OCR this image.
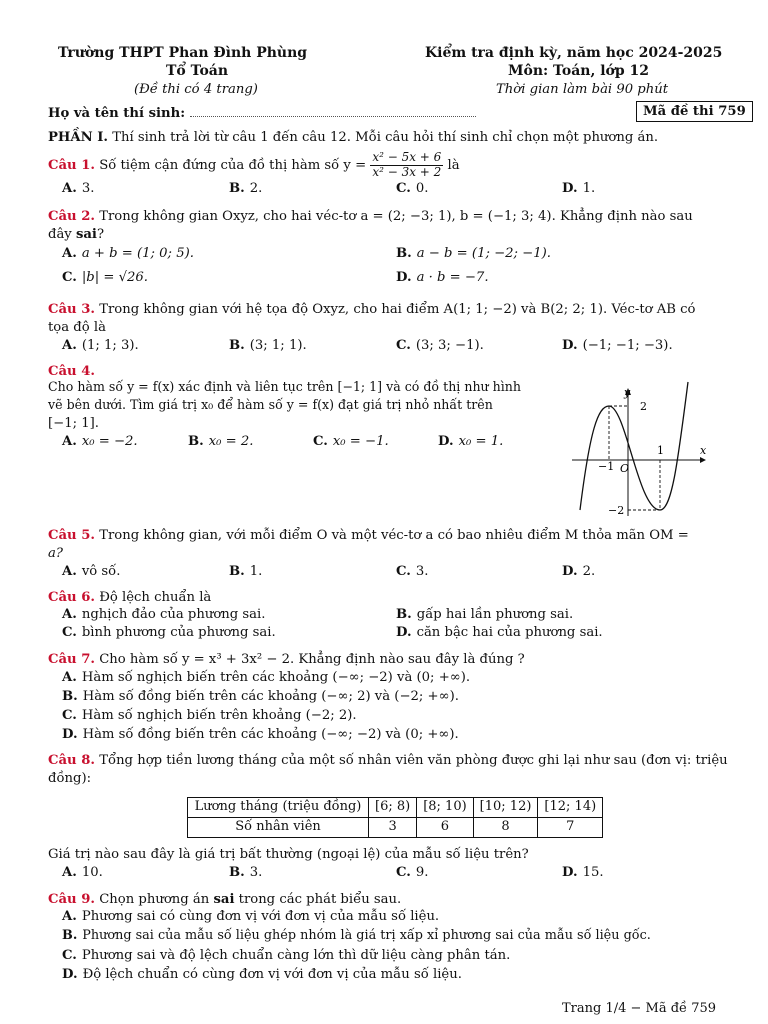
Trường THPT Phan Đình Phùng
Tổ Toán
(Đề thi có 4 trang)
Kiểm tra định kỳ, năm học 2024-2025
Môn: Toán, lớp 12
Thời gian làm bài 90 phút
Họ và tên thí sinh:	Mã đề thi 759
PHẦN I. Thí sinh trả lời từ câu 1 đến câu 12. Mỗi câu hỏi thí sinh chỉ chọn một phương án.
Câu 1. Số tiệm cận đứng của đồ thị hàm số $y = \frac{\text{x² − 5x + 6}}{\text{x² − 3x + 2}}$ là
A. 3.	B. 2.	C. 0.	D. 1.
Câu 2. Trong không gian Oxyz, cho hai véc-tơ a = (2; −3; 1), b = (−1; 3; 4). Khẳng định nào sau
đây sai?
A. a + b = (1; 0; 5).	B. a − b = (1; −2; −1).
C. |b| = √26.	D. a · b = −7.
Câu 3. Trong không gian với hệ tọa độ Oxyz, cho hai điểm A(1; 1; −2) và B(2; 2; 1). Véc-tơ AB có
tọa độ là
A. (1; 1; 3).	B. (3; 1; 1).	C. (3; 3; −1).	D. (−1; −1; −3).
Câu 4.
Cho hàm số y = f(x) xác định và liên tục trên [−1; 1] và có đồ thị như hình
vẽ bên dưới. Tìm giá trị x₀ để hàm số y = f(x) đạt giá trị nhỏ nhất trên
[−1; 1].
A. x₀ = −2.	B. x₀ = 2.	C. x₀ = −1.	D. x₀ = 1.
y
x
O
2
−2
1
−1
Câu 5. Trong không gian, với mỗi điểm O và một véc-tơ a có bao nhiêu điểm M thỏa mãn OM =
a?
A. vô số.	B. 1.	C. 3.	D. 2.
Câu 6. Độ lệch chuẩn là
A. nghịch đảo của phương sai.	B. gấp hai lần phương sai.
C. bình phương của phương sai.	D. căn bậc hai của phương sai.
Câu 7. Cho hàm số y = x³ + 3x² − 2. Khẳng định nào sau đây là đúng ?
A. Hàm số nghịch biến trên các khoảng (−∞; −2) và (0; +∞).
B. Hàm số đồng biến trên các khoảng (−∞; 2) và (−2; +∞).
C. Hàm số nghịch biến trên khoảng (−2; 2).
D. Hàm số đồng biến trên các khoảng (−∞; −2) và (0; +∞).
Câu 8. Tổng hợp tiền lương tháng của một số nhân viên văn phòng được ghi lại như sau (đơn vị: triệu
đồng):
Lương tháng (triệu đồng)	[6; 8)	[8; 10)	[10; 12)	[12; 14)
Số nhân viên	3	6	8	7
Giá trị nào sau đây là giá trị bất thường (ngoại lệ) của mẫu số liệu trên?
A. 10.	B. 3.	C. 9.	D. 15.
Câu 9. Chọn phương án sai trong các phát biểu sau.
A. Phương sai có cùng đơn vị với đơn vị của mẫu số liệu.
B. Phương sai của mẫu số liệu ghép nhóm là giá trị xấp xỉ phương sai của mẫu số liệu gốc.
C. Phương sai và độ lệch chuẩn càng lớn thì dữ liệu càng phân tán.
D. Độ lệch chuẩn có cùng đơn vị với đơn vị của mẫu số liệu.
Trang 1/4 − Mã đề 759
